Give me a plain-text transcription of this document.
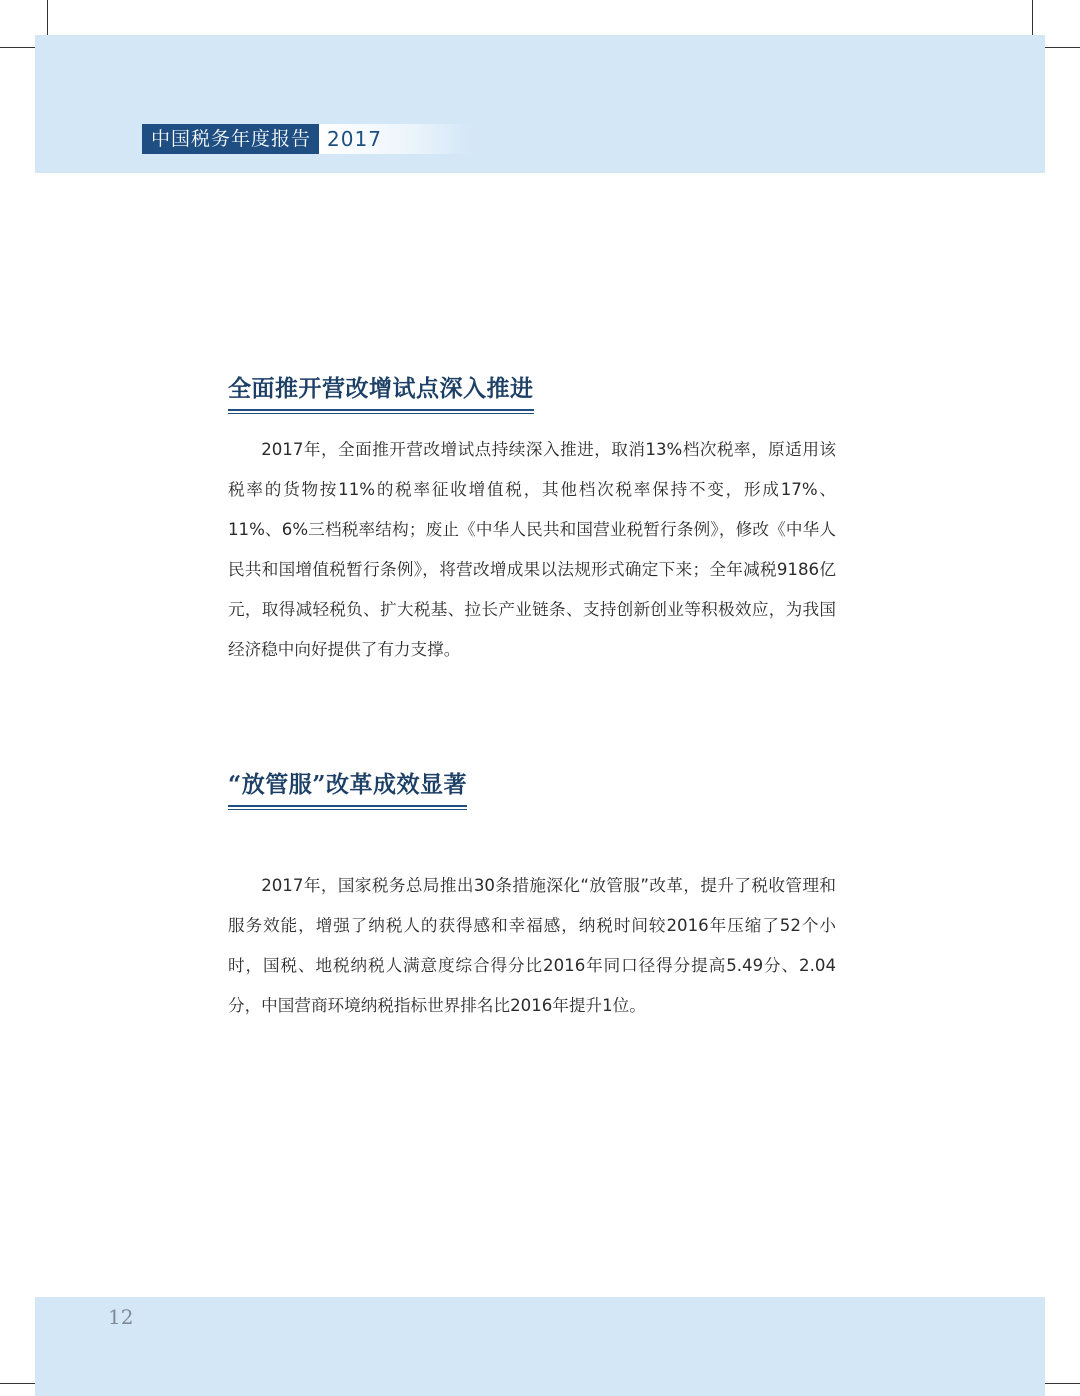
中国税务年度报告 2017
全面推开营改增试点深入推进

2017年，全面推开营改增试点持续深入推进，取消13%档次税率，原适用该税率的货物按11%的税率征收增值税，其他档次税率保持不变，形成17%、11%、6%三档税率结构；废止《中华人民共和国营业税暂行条例》，修改《中华人民共和国增值税暂行条例》，将营改增成果以法规形式确定下来；全年减税9186亿元，取得减轻税负、扩大税基、拉长产业链条、支持创新创业等积极效应，为我国经济稳中向好提供了有力支撑。

“放管服”改革成效显著

2017年，国家税务总局推出30条措施深化“放管服”改革，提升了税收管理和服务效能，增强了纳税人的获得感和幸福感，纳税时间较2016年压缩了52个小时，国税、地税纳税人满意度综合得分比2016年同口径得分提高5.49分、2.04分，中国营商环境纳税指标世界排名比2016年提升1位。

12
